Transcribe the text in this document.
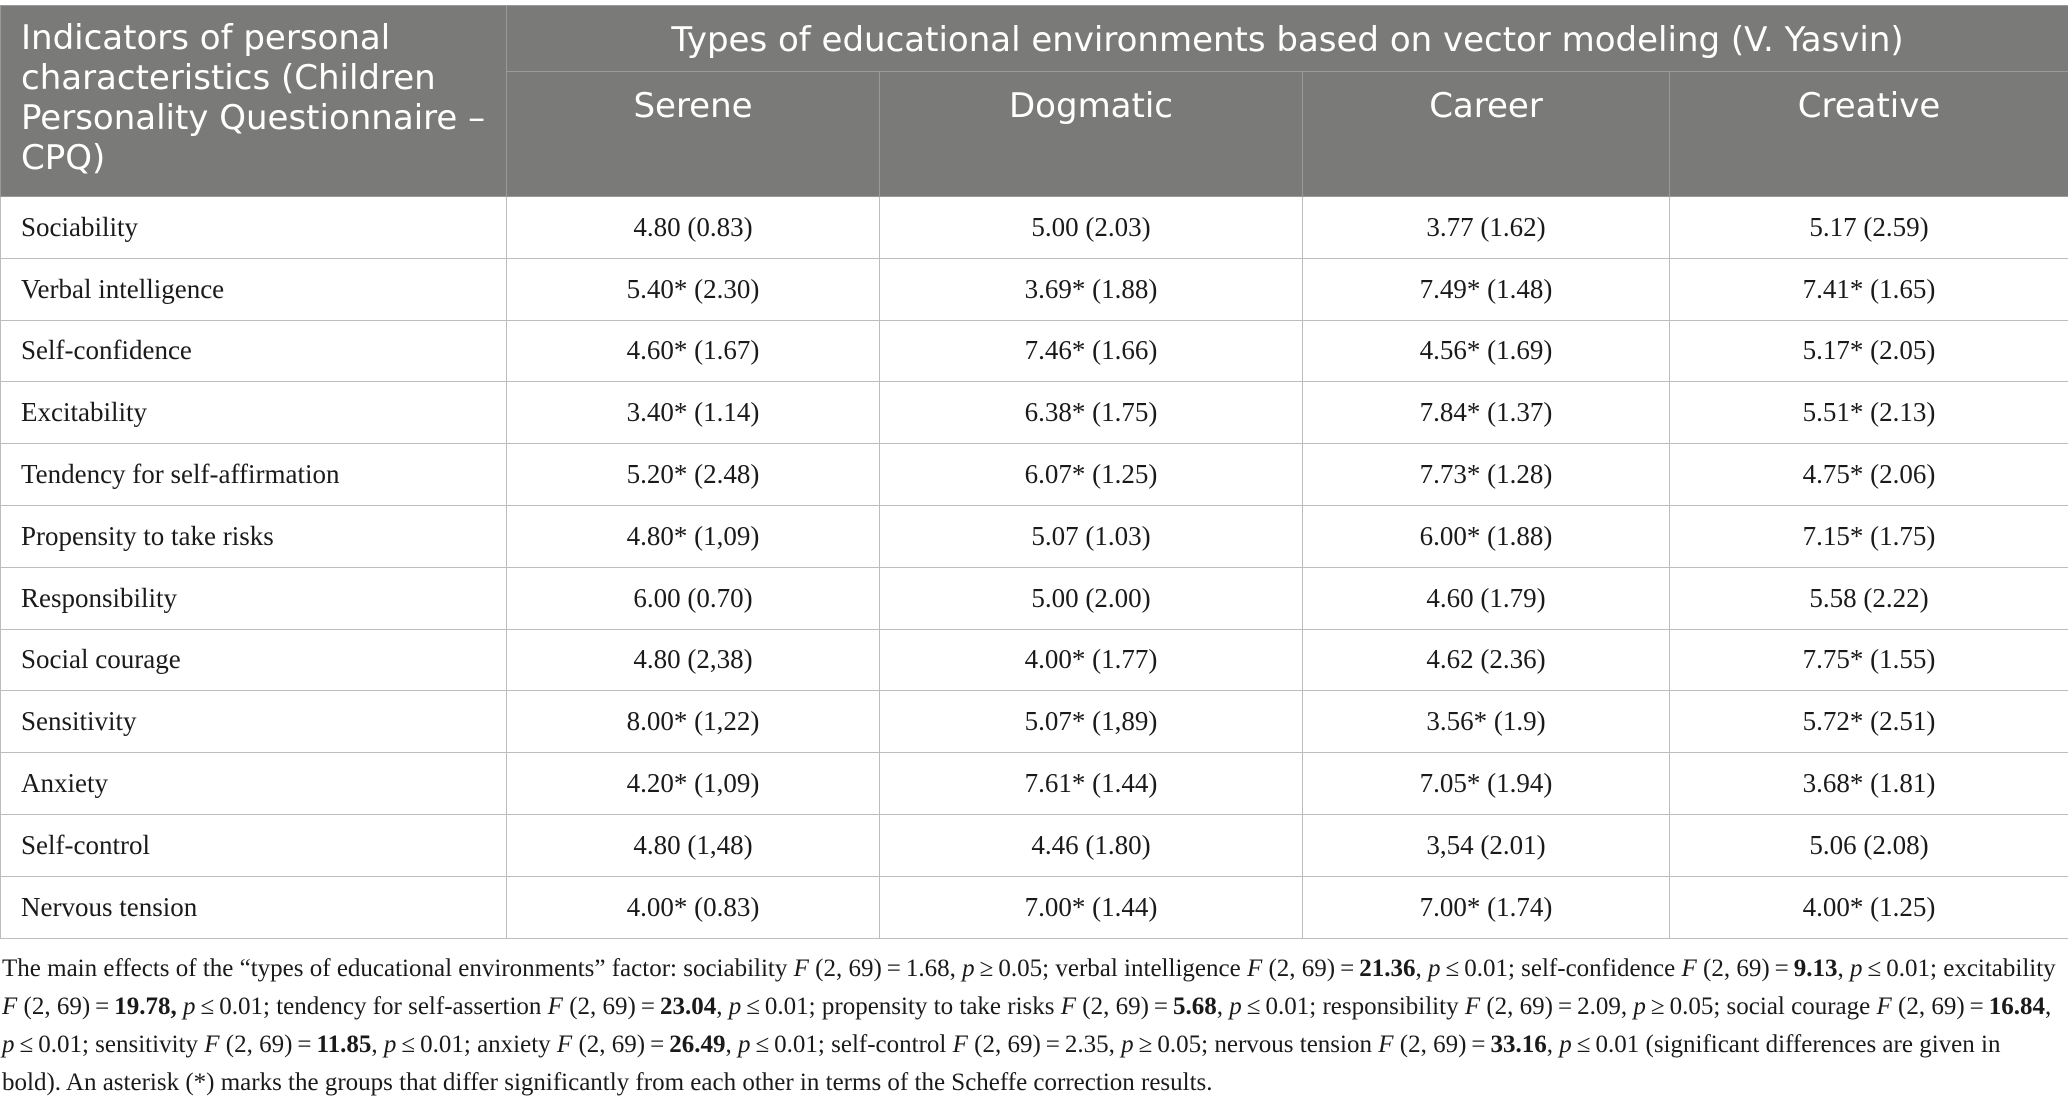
Indicators of personal characteristics (Children Personality Questionnaire – CPQ)	Types of educational environments based on vector modeling (V. Yasvin)			
	Serene	Dogmatic	Career	Creative
Sociability	4.80 (0.83)	5.00 (2.03)	3.77 (1.62)	5.17 (2.59)
Verbal intelligence	5.40* (2.30)	3.69* (1.88)	7.49* (1.48)	7.41* (1.65)
Self-confidence	4.60* (1.67)	7.46* (1.66)	4.56* (1.69)	5.17* (2.05)
Excitability	3.40* (1.14)	6.38* (1.75)	7.84* (1.37)	5.51* (2.13)
Tendency for self-affirmation	5.20* (2.48)	6.07* (1.25)	7.73* (1.28)	4.75* (2.06)
Propensity to take risks	4.80* (1,09)	5.07 (1.03)	6.00* (1.88)	7.15* (1.75)
Responsibility	6.00 (0.70)	5.00 (2.00)	4.60 (1.79)	5.58 (2.22)
Social courage	4.80 (2,38)	4.00* (1.77)	4.62 (2.36)	7.75* (1.55)
Sensitivity	8.00* (1,22)	5.07* (1,89)	3.56* (1.9)	5.72* (2.51)
Anxiety	4.20* (1,09)	7.61* (1.44)	7.05* (1.94)	3.68* (1.81)
Self-control	4.80 (1,48)	4.46 (1.80)	3,54 (2.01)	5.06 (2.08)
Nervous tension	4.00* (0.83)	7.00* (1.44)	7.00* (1.74)	4.00* (1.25)
The main effects of the “types of educational environments” factor: sociability F (2, 69) = 1.68, p ≥ 0.05; verbal intelligence F (2, 69) = 21.36, p ≤ 0.01; self-confidence F (2, 69) = 9.13, p ≤ 0.01; excitability F (2, 69) = 19.78, p ≤ 0.01; tendency for self-assertion F (2, 69) = 23.04, p ≤ 0.01; propensity to take risks F (2, 69) = 5.68, p ≤ 0.01; responsibility F (2, 69) = 2.09, p ≥ 0.05; social courage F (2, 69) = 16.84, p ≤ 0.01; sensitivity F (2, 69) = 11.85, p ≤ 0.01; anxiety F (2, 69) = 26.49, p ≤ 0.01; self-control F (2, 69) = 2.35, p ≥ 0.05; nervous tension F (2, 69) = 33.16, p ≤ 0.01 (significant differences are given in bold). An asterisk (*) marks the groups that differ significantly from each other in terms of the Scheffe correction results.
